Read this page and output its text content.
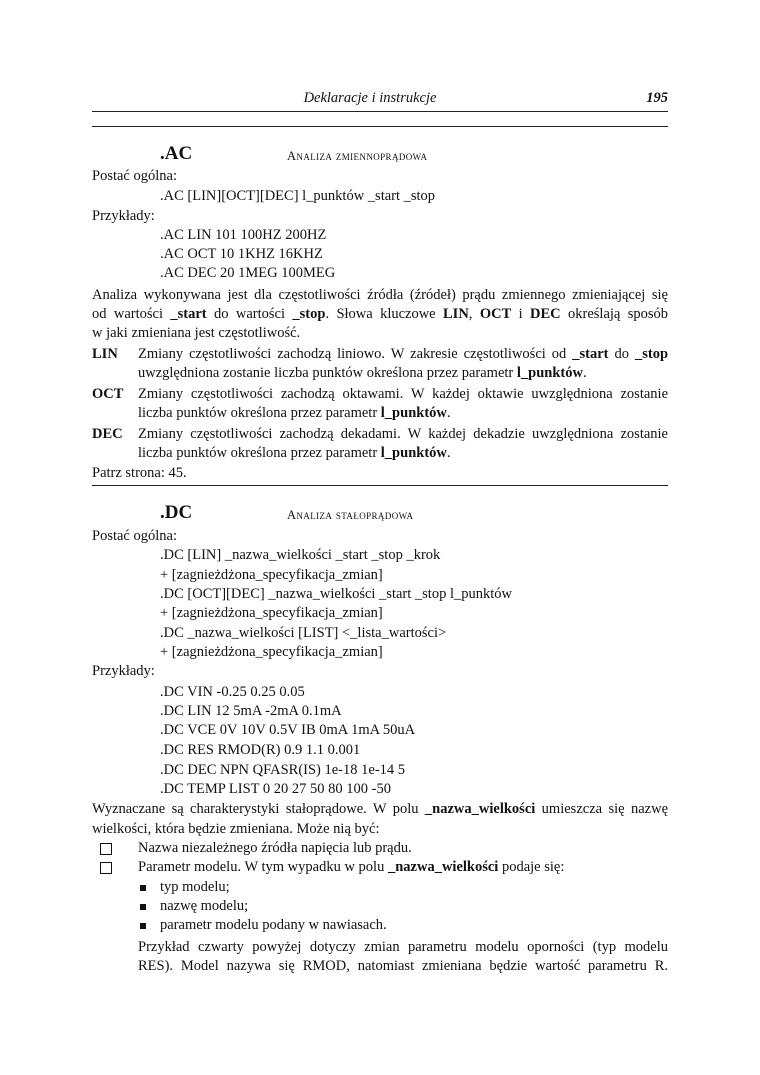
Deklaracje i instrukcje	195
.AC	Analiza zmiennoprądowa
Postać ogólna:
.AC [LIN][OCT][DEC] l_punktów _start _stop
Przykłady:
.AC LIN 101 100HZ 200HZ
.AC OCT 10 1KHZ 16KHZ
.AC DEC 20 1MEG 100MEG
Analiza wykonywana jest dla częstotliwości źródła (źródeł) prądu zmiennego zmieniającej się
od wartości _start do wartości _stop. Słowa kluczowe LIN, OCT i DEC określają sposób
w jaki zmieniana jest częstotliwość.
LIN Zmiany częstotliwości zachodzą liniowo. W zakresie częstotliwości od _start do _stop
uwzględniona zostanie liczba punktów określona przez parametr l_punktów.
OCT Zmiany częstotliwości zachodzą oktawami. W każdej oktawie uwzględniona zostanie
liczba punktów określona przez parametr l_punktów.
DEC Zmiany częstotliwości zachodzą dekadami. W każdej dekadzie uwzględniona zostanie
liczba punktów określona przez parametr l_punktów.
Patrz strona: 45.
.DC	Analiza stałoprądowa
Postać ogólna:
.DC [LIN] _nazwa_wielkości _start _stop _krok
+ [zagnieżdżona_specyfikacja_zmian]
.DC [OCT][DEC] _nazwa_wielkości _start _stop l_punktów
+ [zagnieżdżona_specyfikacja_zmian]
.DC _nazwa_wielkości [LIST] <_lista_wartości>
+ [zagnieżdżona_specyfikacja_zmian]
Przykłady:
.DC VIN -0.25 0.25 0.05
.DC LIN 12 5mA -2mA 0.1mA
.DC VCE 0V 10V 0.5V IB 0mA 1mA 50uA
.DC RES RMOD(R) 0.9 1.1 0.001
.DC DEC NPN QFASR(IS) 1e-18 1e-14 5
.DC TEMP LIST 0 20 27 50 80 100 -50
Wyznaczane są charakterystyki stałoprądowe. W polu _nazwa_wielkości umieszcza się nazwę
wielkości, która będzie zmieniana. Może nią być:
Nazwa niezależnego źródła napięcia lub prądu.
Parametr modelu. W tym wypadku w polu _nazwa_wielkości podaje się:
typ modelu;
nazwę modelu;
parametr modelu podany w nawiasach.
Przykład czwarty powyżej dotyczy zmian parametru modelu oporności (typ modelu
RES). Model nazywa się RMOD, natomiast zmieniana będzie wartość parametru R.
